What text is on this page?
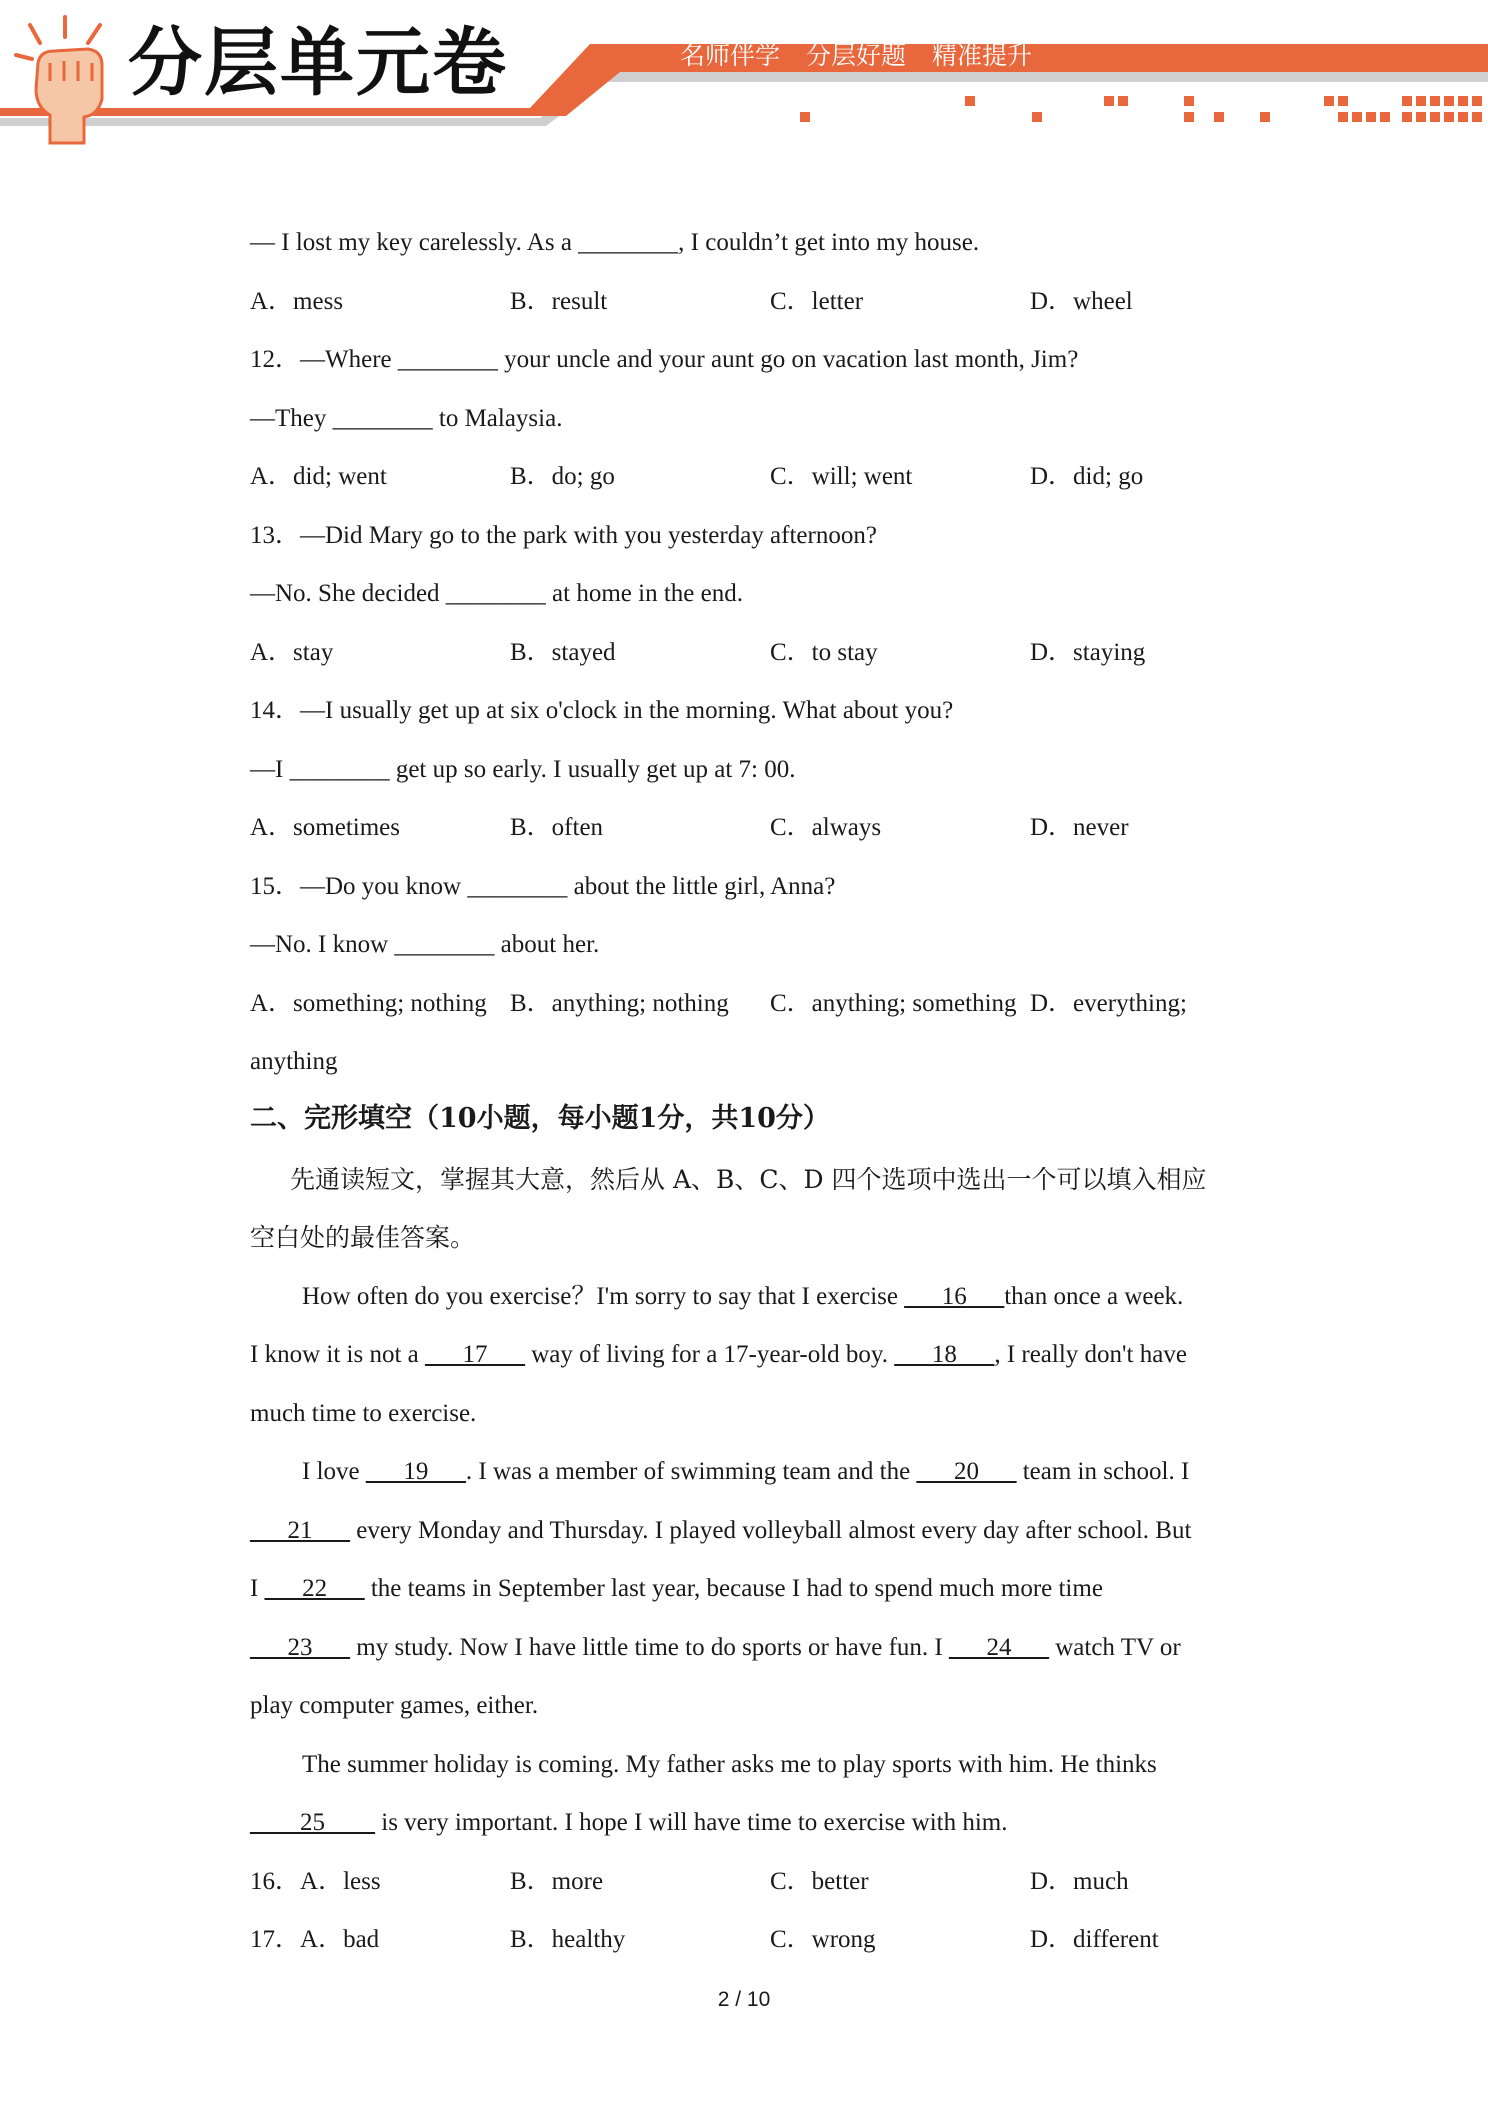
分层单元卷	名师伴学 分层好题 精准提升
— I lost my key carelessly. As a ________, I couldn’t get into my house.
A．mess	B．result	C．letter	D．wheel
12．—Where ________ your uncle and your aunt go on vacation last month, Jim?
—They ________ to Malaysia.
A．did; went	B．do; go	C．will; went	D．did; go
13．—Did Mary go to the park with you yesterday afternoon?
—No. She decided ________ at home in the end.
A．stay	B．stayed	C．to stay	D．staying
14．—I usually get up at six o'clock in the morning. What about you?
—I ________ get up so early. I usually get up at 7: 00.
A．sometimes	B．often	C．always	D．never
15．—Do you know ________ about the little girl, Anna?
—No. I know ________ about her.
A．something; nothing B．anything; nothing C．anything; something D．everything;
anything
二、完形填空（10小题，每小题1分，共10分）
先通读短文，掌握其大意，然后从 A、B、C、D 四个选项中选出一个可以填入相应
空白处的最佳答案。
How often do you exercise？I'm sorry to say that I exercise ___16___than once a week.
I know it is not a ___17___ way of living for a 17-year-old boy. ___18___, I really don't have
much time to exercise.
I love ___19___. I was a member of swimming team and the ___20___ team in school. I
___21___ every Monday and Thursday. I played volleyball almost every day after school. But
I ___22___ the teams in September last year, because I had to spend much more time
___23___ my study. Now I have little time to do sports or have fun. I ___24___ watch TV or
play computer games, either.
The summer holiday is coming. My father asks me to play sports with him. He thinks
____25____ is very important. I hope I will have time to exercise with him.
16．A．less	B．more	C．better	D．much
17．A．bad	B．healthy	C．wrong	D．different
2 / 10
